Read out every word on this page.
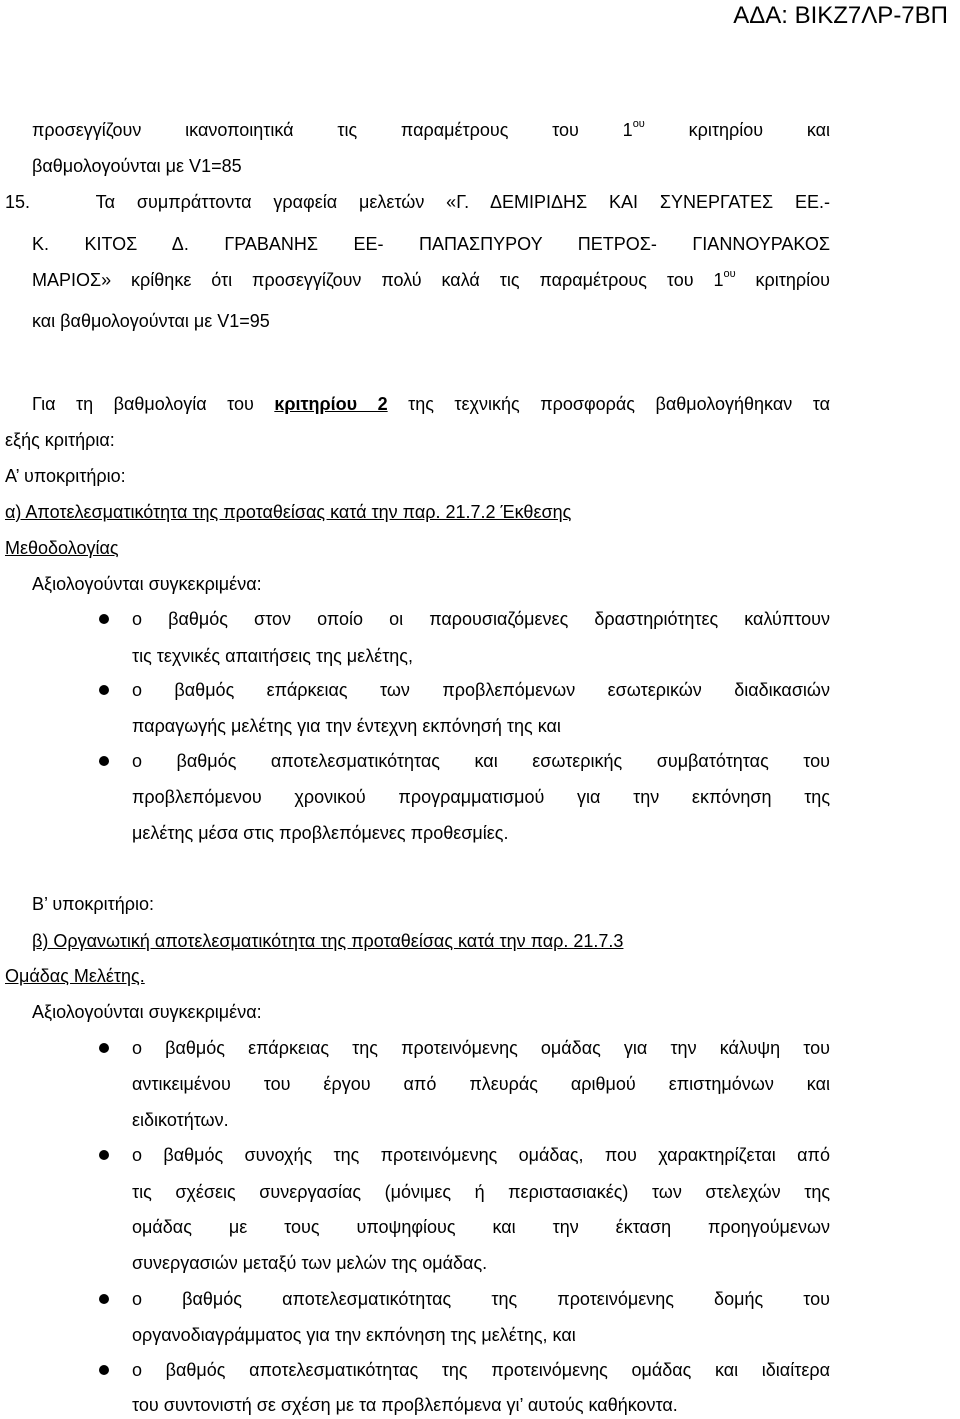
ΑΔΑ: ΒΙΚΖ7ΛΡ-7ΒΠ
προσεγγίζουν ικανοποιητικά τις παραμέτρους του $1^{o\upsilon}$ κριτηρίου και
βαθμολογούνται με V1=85
15.   Τα συμπράττοντα γραφεία μελετών «Γ. ΔΕΜΙΡΙΔΗΣ ΚΑΙ ΣΥΝΕΡΓΑΤΕΣ ΕΕ.-
Κ. ΚΙΤΟΣ Δ. ΓΡΑΒΑΝΗΣ ΕΕ- ΠΑΠΑΣΠΥΡΟΥ ΠΕΤΡΟΣ- ΓΙΑΝΝΟΥΡΑΚΟΣ
ΜΑΡΙΟΣ» κρίθηκε ότι προσεγγίζουν πολύ καλά τις παραμέτρους του $1^{o\upsilon}$ κριτηρίου
και βαθμολογούνται με V1=95
Για τη βαθμολογία του κριτηρίου 2 της τεχνικής προσφοράς βαθμολογήθηκαν τα
εξής κριτήρια:
Α’ υποκριτήριο:
α) Αποτελεσματικότητα της προταθείσας κατά την παρ. 21.7.2 Έκθεσης
Μεθοδολογίας
Αξιολογούνται συγκεκριμένα:
ο βαθμός στον οποίο οι παρουσιαζόμενες δραστηριότητες καλύπτουν
τις τεχνικές απαιτήσεις της μελέτης,
ο βαθμός επάρκειας των προβλεπόμενων εσωτερικών διαδικασιών
παραγωγής μελέτης για την έντεχνη εκπόνησή της και
ο βαθμός αποτελεσματικότητας και εσωτερικής συμβατότητας του
προβλεπόμενου χρονικού προγραμματισμού για την εκπόνηση της
μελέτης μέσα στις προβλεπόμενες προθεσμίες.
Β’ υποκριτήριο:
β) Οργανωτική αποτελεσματικότητα της προταθείσας κατά την παρ. 21.7.3
Ομάδας Μελέτης.
Αξιολογούνται συγκεκριμένα:
ο βαθμός επάρκειας της προτεινόμενης ομάδας για την κάλυψη του
αντικειμένου του έργου από πλευράς αριθμού επιστημόνων και
ειδικοτήτων.
ο βαθμός συνοχής της προτεινόμενης ομάδας, που χαρακτηρίζεται από
τις σχέσεις συνεργασίας (μόνιμες ή περιστασιακές) των στελεχών της
ομάδας με τους υποψηφίους και την έκταση προηγούμενων
συνεργασιών μεταξύ των μελών της ομάδας.
ο βαθμός αποτελεσματικότητας της προτεινόμενης δομής του
οργανοδιαγράμματος για την εκπόνηση της μελέτης, και
ο βαθμός αποτελεσματικότητας της προτεινόμενης ομάδας και ιδιαίτερα
του συντονιστή σε σχέση με τα προβλεπόμενα γι’ αυτούς καθήκοντα.
